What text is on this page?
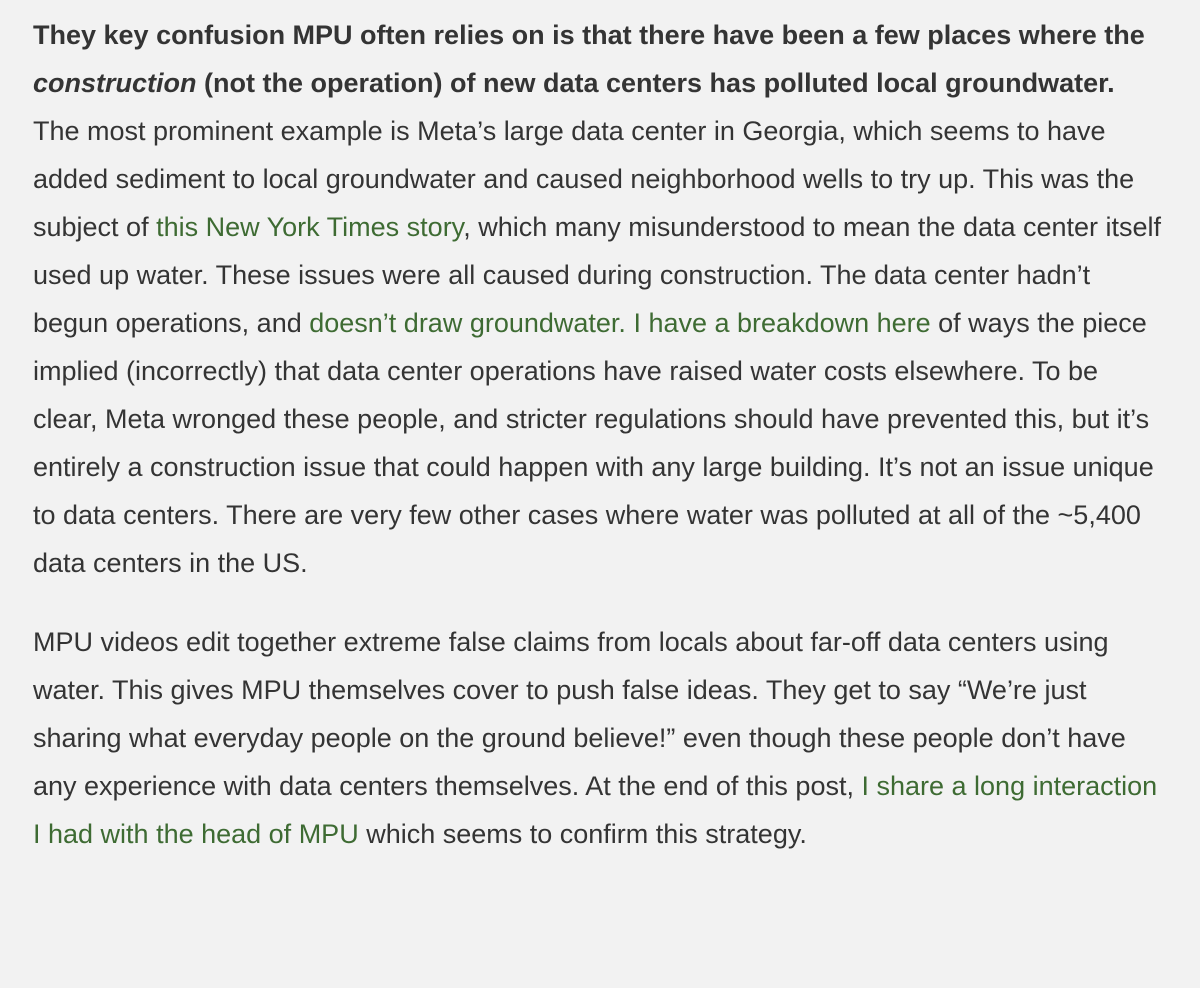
They key confusion MPU often relies on is that there have been a few places where the construction (not the operation) of new data centers has polluted local groundwater. The most prominent example is Meta’s large data center in Georgia, which seems to have added sediment to local groundwater and caused neighborhood wells to try up. This was the subject of this New York Times story, which many misunderstood to mean the data center itself used up water. These issues were all caused during construction. The data center hadn’t begun operations, and doesn’t draw groundwater. I have a breakdown here of ways the piece implied (incorrectly) that data center operations have raised water costs elsewhere. To be clear, Meta wronged these people, and stricter regulations should have prevented this, but it’s entirely a construction issue that could happen with any large building. It’s not an issue unique to data centers. There are very few other cases where water was polluted at all of the ~5,400 data centers in the US.

MPU videos edit together extreme false claims from locals about far-off data centers using water. This gives MPU themselves cover to push false ideas. They get to say “We’re just sharing what everyday people on the ground believe!” even though these people don’t have any experience with data centers themselves. At the end of this post, I share a long interaction I had with the head of MPU which seems to confirm this strategy.
